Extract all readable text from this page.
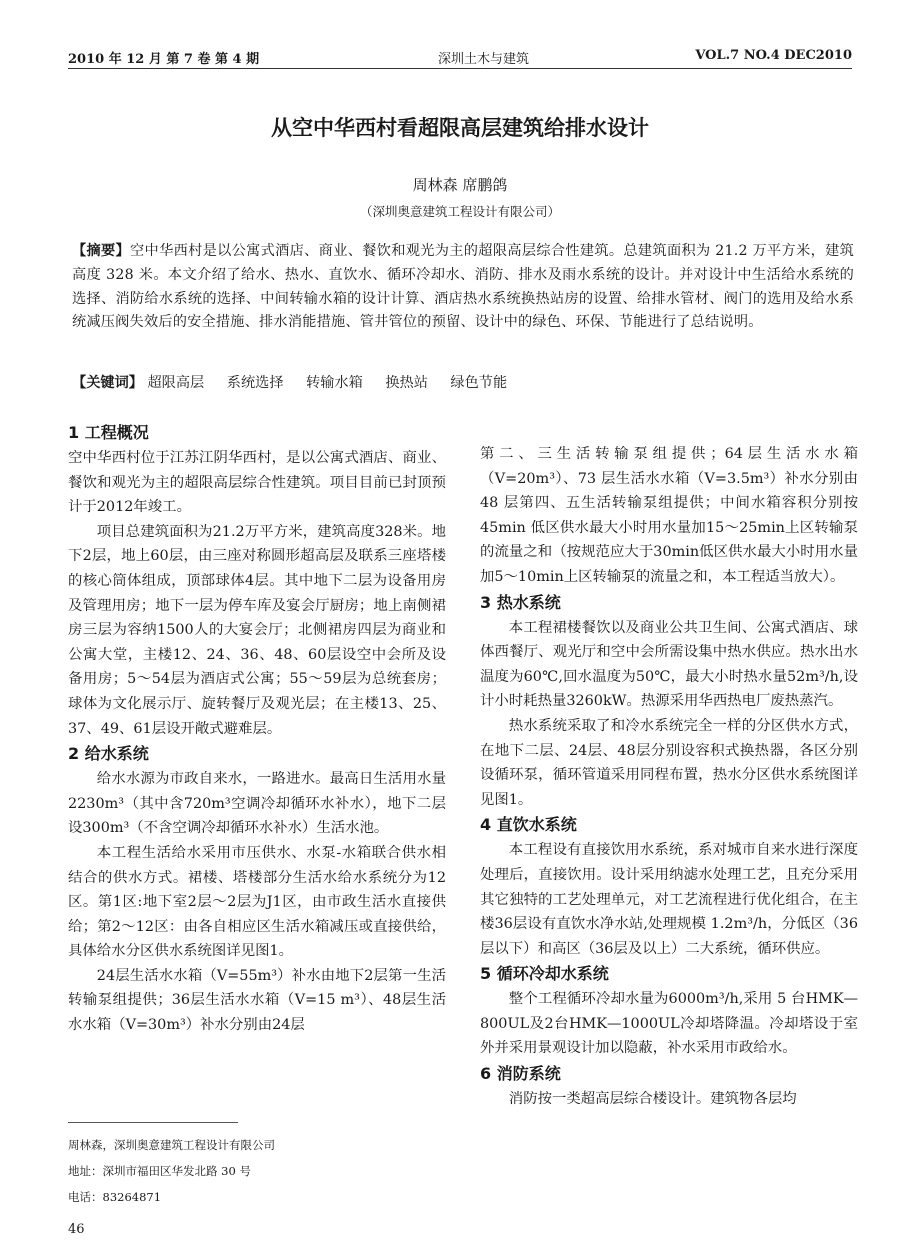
2010 年 12 月 第 7 卷 第 4 期	深圳土木与建筑	VOL.7 NO.4 DEC2010
从空中华西村看超限高层建筑给排水设计
周林森 席鹏鸽
（深圳奥意建筑工程设计有限公司）
【摘要】空中华西村是以公寓式酒店、商业、餐饮和观光为主的超限高层综合性建筑。总建筑面积为 21.2 万平方米，建筑高度 328 米。本文介绍了给水、热水、直饮水、循环冷却水、消防、排水及雨水系统的设计。并对设计中生活给水系统的选择、消防给水系统的选择、中间转输水箱的设计计算、酒店热水系统换热站房的设置、给排水管材、阀门的选用及给水系统减压阀失效后的安全措施、排水消能措施、管井管位的预留、设计中的绿色、环保、节能进行了总结说明。
【关键词】 超限高层 系统选择 转输水箱 换热站 绿色节能
1 工程概况

空中华西村位于江苏江阴华西村，是以公寓式酒店、商业、餐饮和观光为主的超限高层综合性建筑。项目目前已封顶预计于2012年竣工。

项目总建筑面积为21.2万平方米，建筑高度328米。地下2层，地上60层，由三座对称圆形超高层及联系三座塔楼的核心筒体组成，顶部球体4层。其中地下二层为设备用房及管理用房；地下一层为停车库及宴会厅厨房；地上南侧裙房三层为容纳1500人的大宴会厅；北侧裙房四层为商业和公寓大堂，主楼12、24、36、48、60层设空中会所及设备用房；5～54层为酒店式公寓；55～59层为总统套房；球体为文化展示厅、旋转餐厅及观光层；在主楼13、25、37、49、61层设开敞式避难层。

2 给水系统

给水水源为市政自来水，一路进水。最高日生活用水量2230m³（其中含720m³空调冷却循环水补水），地下二层设300m³（不含空调冷却循环水补水）生活水池。

本工程生活给水采用市压供水、水泵-水箱联合供水相结合的供水方式。裙楼、塔楼部分生活水给水系统分为12区。第1区:地下室2层～2层为J1区，由市政生活水直接供给；第2～12区：由各自相应区生活水箱减压或直接供给，具体给水分区供水系统图详见图1。

24层生活水水箱（V=55m³）补水由地下2层第一生活转输泵组提供；36层生活水水箱（V=15 m³）、48层生活水水箱（V=30m³）补水分别由24层

第二、三生活转输泵组提供；64层生活水水箱（V=20m³）、73 层生活水水箱（V=3.5m³）补水分别由 48 层第四、五生活转输泵组提供；中间水箱容积分别按45min 低区供水最大小时用水量加15～25min上区转输泵的流量之和（按规范应大于30min低区供水最大小时用水量加5～10min上区转输泵的流量之和，本工程适当放大）。

3 热水系统

本工程裙楼餐饮以及商业公共卫生间、公寓式酒店、球体西餐厅、观光厅和空中会所需设集中热水供应。热水出水温度为60℃,回水温度为50℃，最大小时热水量52m³/h,设计小时耗热量3260kW。热源采用华西热电厂废热蒸汽。

热水系统采取了和冷水系统完全一样的分区供水方式，在地下二层、24层、48层分别设容积式换热器，各区分别设循环泵，循环管道采用同程布置，热水分区供水系统图详见图1。

4 直饮水系统

本工程设有直接饮用水系统，系对城市自来水进行深度处理后，直接饮用。设计采用纳滤水处理工艺，且充分采用其它独特的工艺处理单元，对工艺流程进行优化组合，在主楼36层设有直饮水净水站,处理规模 1.2m³/h，分低区（36层以下）和高区（36层及以上）二大系统，循环供应。

5 循环冷却水系统

整个工程循环冷却水量为6000m³/h,采用 5 台HMK—800UL及2台HMK—1000UL冷却塔降温。冷却塔设于室外并采用景观设计加以隐蔽，补水采用市政给水。

6 消防系统

消防按一类超高层综合楼设计。建筑物各层均

周林森，深圳奥意建筑工程设计有限公司
地址：深圳市福田区华发北路 30 号
电话：83264871
46
